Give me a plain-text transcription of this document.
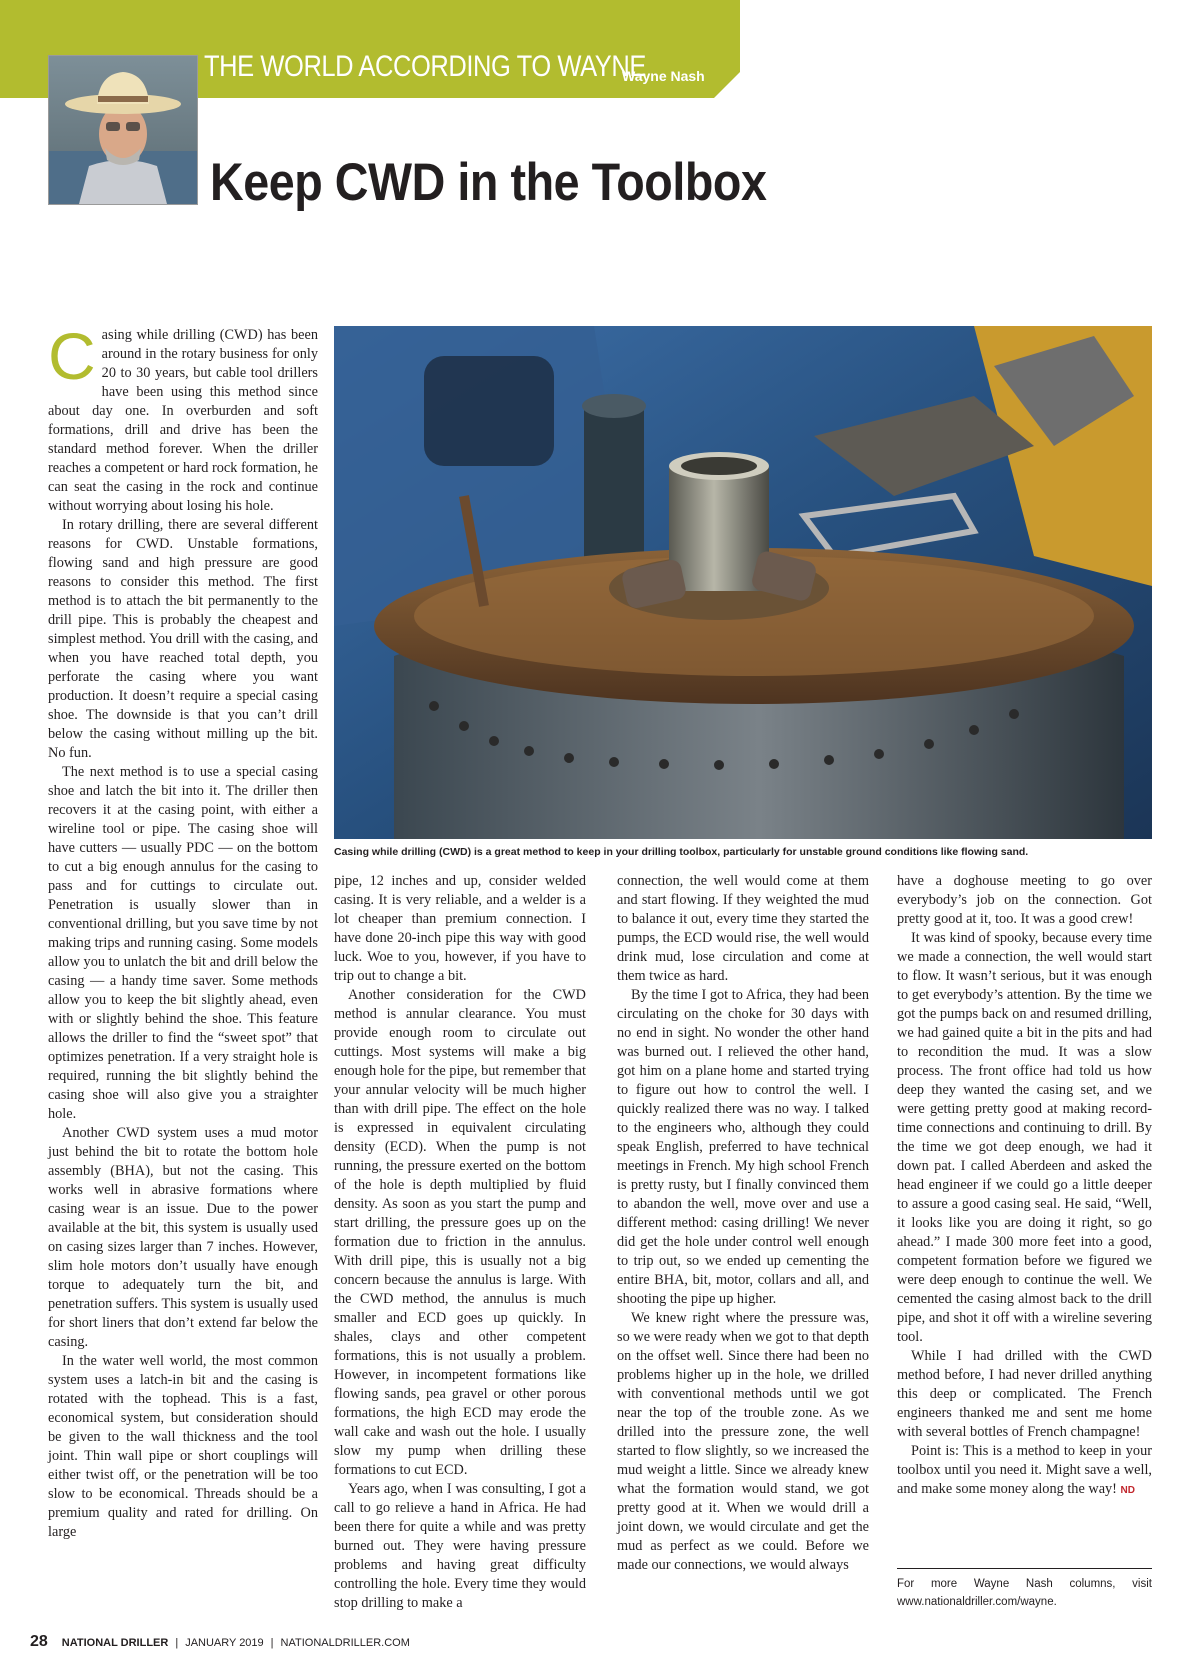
THE WORLD ACCORDING TO WAYNE
Wayne Nash
Keep CWD in the Toolbox

Casing while drilling (CWD) has been around in the rotary business for only 20 to 30 years, but cable tool drillers have been using this method since about day one. In overburden and soft formations, drill and drive has been the standard method forever. When the driller reaches a competent or hard rock formation, he can seat the casing in the rock and continue without worrying about losing his hole.

In rotary drilling, there are several different reasons for CWD. Unstable formations, flowing sand and high pressure are good reasons to consider this method. The first method is to attach the bit permanently to the drill pipe. This is probably the cheapest and simplest method. You drill with the casing, and when you have reached total depth, you perforate the casing where you want production. It doesn’t require a special casing shoe. The downside is that you can’t drill below the casing without milling up the bit. No fun.

The next method is to use a special casing shoe and latch the bit into it. The driller then recovers it at the casing point, with either a wireline tool or pipe. The casing shoe will have cutters — usually PDC — on the bottom to cut a big enough annulus for the casing to pass and for cuttings to circulate out. Penetration is usually slower than in conventional drilling, but you save time by not making trips and running casing. Some models allow you to unlatch the bit and drill below the casing — a handy time saver. Some methods allow you to keep the bit slightly ahead, even with or slightly behind the shoe. This feature allows the driller to find the “sweet spot” that optimizes penetration. If a very straight hole is required, running the bit slightly behind the casing shoe will also give you a straighter hole.

Another CWD system uses a mud motor just behind the bit to rotate the bottom hole assembly (BHA), but not the casing. This works well in abrasive formations where casing wear is an issue. Due to the power available at the bit, this system is usually used on casing sizes larger than 7 inches. However, slim hole motors don’t usually have enough torque to adequately turn the bit, and penetration suffers. This system is usually used for short liners that don’t extend far below the casing.

In the water well world, the most common system uses a latch-in bit and the casing is rotated with the tophead. This is a fast, economical system, but consideration should be given to the wall thickness and the tool joint. Thin wall pipe or short couplings will either twist off, or the penetration will be too slow to be economical. Threads should be a premium quality and rated for drilling. On large

Casing while drilling (CWD) is a great method to keep in your drilling toolbox, particularly for unstable ground conditions like flowing sand.

pipe, 12 inches and up, consider welded casing. It is very reliable, and a welder is a lot cheaper than premium connection. I have done 20-inch pipe this way with good luck. Woe to you, however, if you have to trip out to change a bit.

Another consideration for the CWD method is annular clearance. You must provide enough room to circulate out cuttings. Most systems will make a big enough hole for the pipe, but remember that your annular velocity will be much higher than with drill pipe. The effect on the hole is expressed in equivalent circulating density (ECD). When the pump is not running, the pressure exerted on the bottom of the hole is depth multiplied by fluid density. As soon as you start the pump and start drilling, the pressure goes up on the formation due to friction in the annulus. With drill pipe, this is usually not a big concern because the annulus is large. With the CWD method, the annulus is much smaller and ECD goes up quickly. In shales, clays and other competent formations, this is not usually a problem. However, in incompetent formations like flowing sands, pea gravel or other porous formations, the high ECD may erode the wall cake and wash out the hole. I usually slow my pump when drilling these formations to cut ECD.

Years ago, when I was consulting, I got a call to go relieve a hand in Africa. He had been there for quite a while and was pretty burned out. They were having pressure problems and having great difficulty controlling the hole. Every time they would stop drilling to make a

connection, the well would come at them and start flowing. If they weighted the mud to balance it out, every time they started the pumps, the ECD would rise, the well would drink mud, lose circulation and come at them twice as hard.

By the time I got to Africa, they had been circulating on the choke for 30 days with no end in sight. No wonder the other hand was burned out. I relieved the other hand, got him on a plane home and started trying to figure out how to control the well. I quickly realized there was no way. I talked to the engineers who, although they could speak English, preferred to have technical meetings in French. My high school French is pretty rusty, but I finally convinced them to abandon the well, move over and use a different method: casing drilling! We never did get the hole under control well enough to trip out, so we ended up cementing the entire BHA, bit, motor, collars and all, and shooting the pipe up higher.

We knew right where the pressure was, so we were ready when we got to that depth on the offset well. Since there had been no problems higher up in the hole, we drilled with conventional methods until we got near the top of the trouble zone. As we drilled into the pressure zone, the well started to flow slightly, so we increased the mud weight a little. Since we already knew what the formation would stand, we got pretty good at it. When we would drill a joint down, we would circulate and get the mud as perfect as we could. Before we made our connections, we would always

have a doghouse meeting to go over everybody’s job on the connection. Got pretty good at it, too. It was a good crew!

It was kind of spooky, because every time we made a connection, the well would start to flow. It wasn’t serious, but it was enough to get everybody’s attention. By the time we got the pumps back on and resumed drilling, we had gained quite a bit in the pits and had to recondition the mud. It was a slow process. The front office had told us how deep they wanted the casing set, and we were getting pretty good at making record-time connections and continuing to drill. By the time we got deep enough, we had it down pat. I called Aberdeen and asked the head engineer if we could go a little deeper to assure a good casing seal. He said, “Well, it looks like you are doing it right, so go ahead.” I made 300 more feet into a good, competent formation before we figured we were deep enough to continue the well. We cemented the casing almost back to the drill pipe, and shot it off with a wireline severing tool.

While I had drilled with the CWD method before, I had never drilled anything this deep or complicated. The French engineers thanked me and sent me home with several bottles of French champagne!

Point is: This is a method to keep in your toolbox until you need it. Might save a well, and make some money along the way! ND

For more Wayne Nash columns, visit www.nationaldriller.com/wayne.
28 NATIONAL DRILLER | JANUARY 2019 | NATIONALDRILLER.COM
